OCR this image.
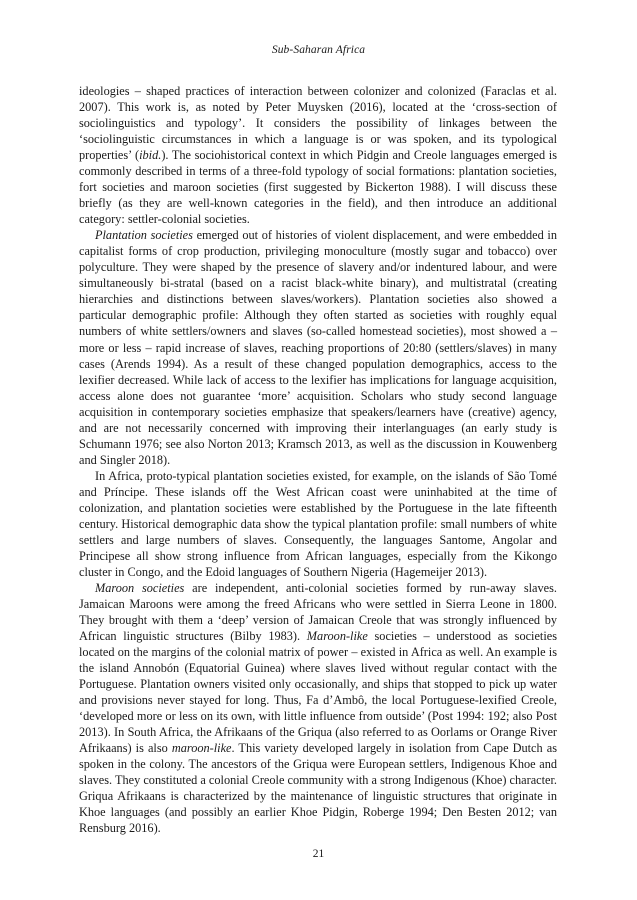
Sub-Saharan Africa

ideologies – shaped practices of interaction between colonizer and colonized (Faraclas et al. 2007). This work is, as noted by Peter Muysken (2016), located at the ‘cross-section of sociolinguistics and typology’. It considers the possibility of linkages between the ‘sociolinguistic circumstances in which a language is or was spoken, and its typological properties’ (ibid.). The sociohistorical context in which Pidgin and Creole languages emerged is commonly described in terms of a three-fold typology of social formations: plantation societies, fort societies and maroon societies (first suggested by Bickerton 1988). I will discuss these briefly (as they are well-known categories in the field), and then introduce an additional category: settler-colonial societies.

Plantation societies emerged out of histories of violent displacement, and were embedded in capitalist forms of crop production, privileging monoculture (mostly sugar and tobacco) over polyculture. They were shaped by the presence of slavery and/or indentured labour, and were simultaneously bi-stratal (based on a racist black-white binary), and multistratal (creating hierarchies and distinctions between slaves/workers). Plantation societies also showed a particular demographic profile: Although they often started as societies with roughly equal numbers of white settlers/owners and slaves (so-called homestead societies), most showed a – more or less – rapid increase of slaves, reaching proportions of 20:80 (settlers/slaves) in many cases (Arends 1994). As a result of these changed population demographics, access to the lexifier decreased. While lack of access to the lexifier has implications for language acquisition, access alone does not guarantee ‘more’ acquisition. Scholars who study second language acquisition in contemporary societies emphasize that speakers/learners have (creative) agency, and are not necessarily concerned with improving their interlanguages (an early study is Schumann 1976; see also Norton 2013; Kramsch 2013, as well as the discussion in Kouwenberg and Singler 2018).

In Africa, proto-typical plantation societies existed, for example, on the islands of São Tomé and Príncipe. These islands off the West African coast were uninhabited at the time of colonization, and plantation societies were established by the Portuguese in the late fifteenth century. Historical demographic data show the typical plantation profile: small numbers of white settlers and large numbers of slaves. Consequently, the languages Santome, Angolar and Principese all show strong influence from African languages, especially from the Kikongo cluster in Congo, and the Edoid languages of Southern Nigeria (Hagemeijer 2013).

Maroon societies are independent, anti-colonial societies formed by run-away slaves. Jamaican Maroons were among the freed Africans who were settled in Sierra Leone in 1800. They brought with them a ‘deep’ version of Jamaican Creole that was strongly influenced by African linguistic structures (Bilby 1983). Maroon-like societies – understood as societies located on the margins of the colonial matrix of power – existed in Africa as well. An example is the island Annobón (Equatorial Guinea) where slaves lived without regular contact with the Portuguese. Plantation owners visited only occasionally, and ships that stopped to pick up water and provisions never stayed for long. Thus, Fa d’Ambô, the local Portuguese-lexified Creole, ‘developed more or less on its own, with little influence from outside’ (Post 1994: 192; also Post 2013). In South Africa, the Afrikaans of the Griqua (also referred to as Oorlams or Orange River Afrikaans) is also maroon-like. This variety developed largely in isolation from Cape Dutch as spoken in the colony. The ancestors of the Griqua were European settlers, Indigenous Khoe and slaves. They constituted a colonial Creole community with a strong Indigenous (Khoe) character. Griqua Afrikaans is characterized by the maintenance of linguistic structures that originate in Khoe languages (and possibly an earlier Khoe Pidgin, Roberge 1994; Den Besten 2012; van Rensburg 2016).

21
